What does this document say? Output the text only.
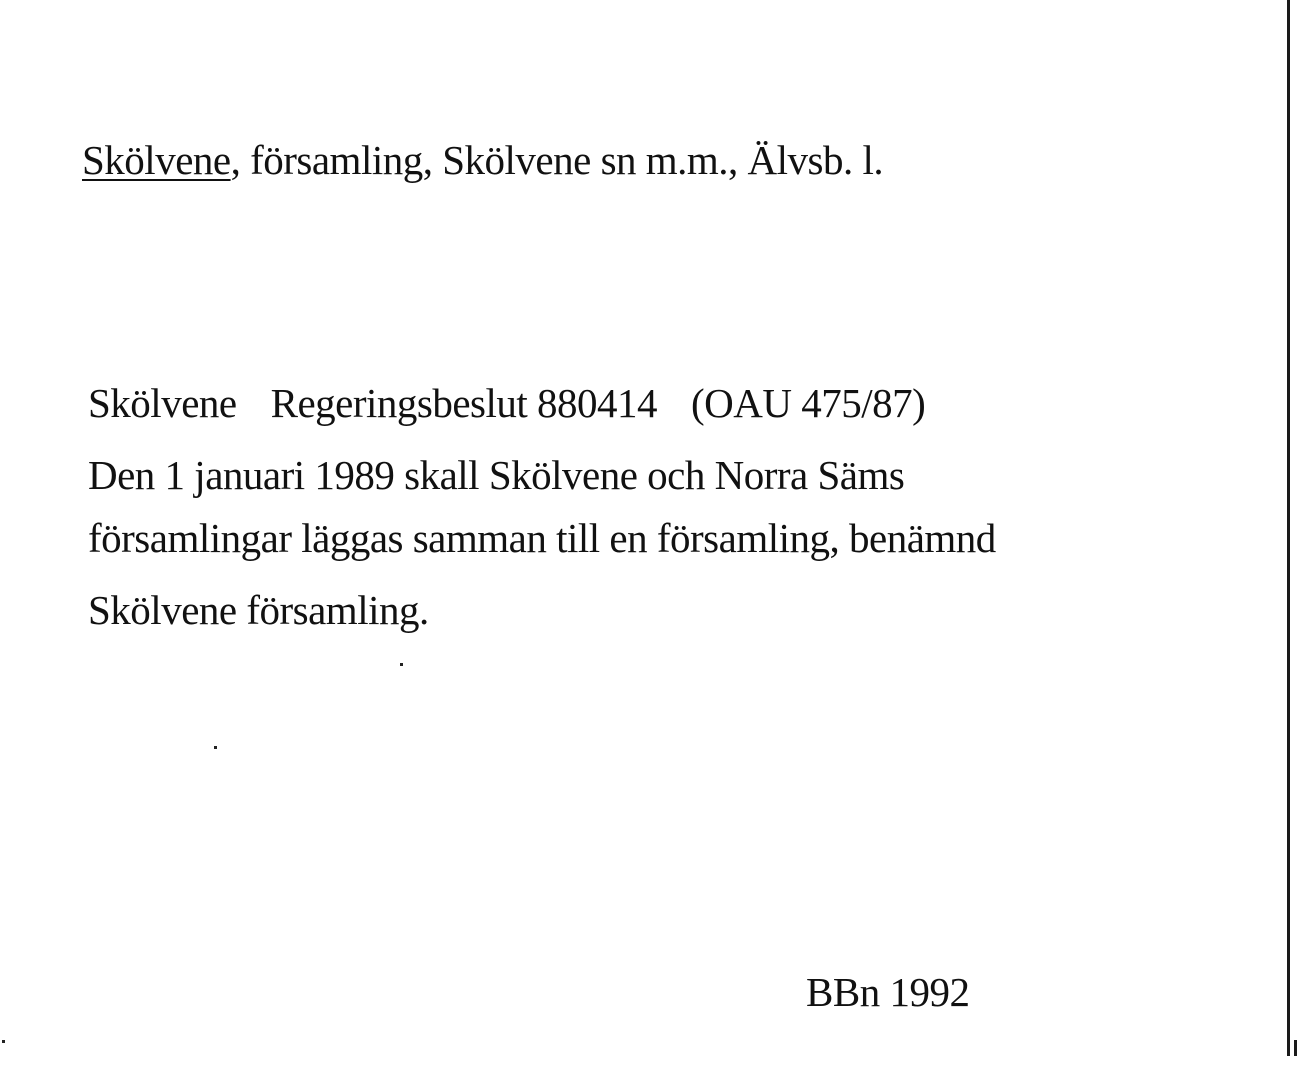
Skölvene, församling, Skölvene sn m.m., Älvsb. l.
Skölvene Regeringsbeslut 880414 (OAU 475/87)
Den 1 januari 1989 skall Skölvene och Norra Säms
församlingar läggas samman till en församling, benämnd
Skölvene församling.
BBn 1992
